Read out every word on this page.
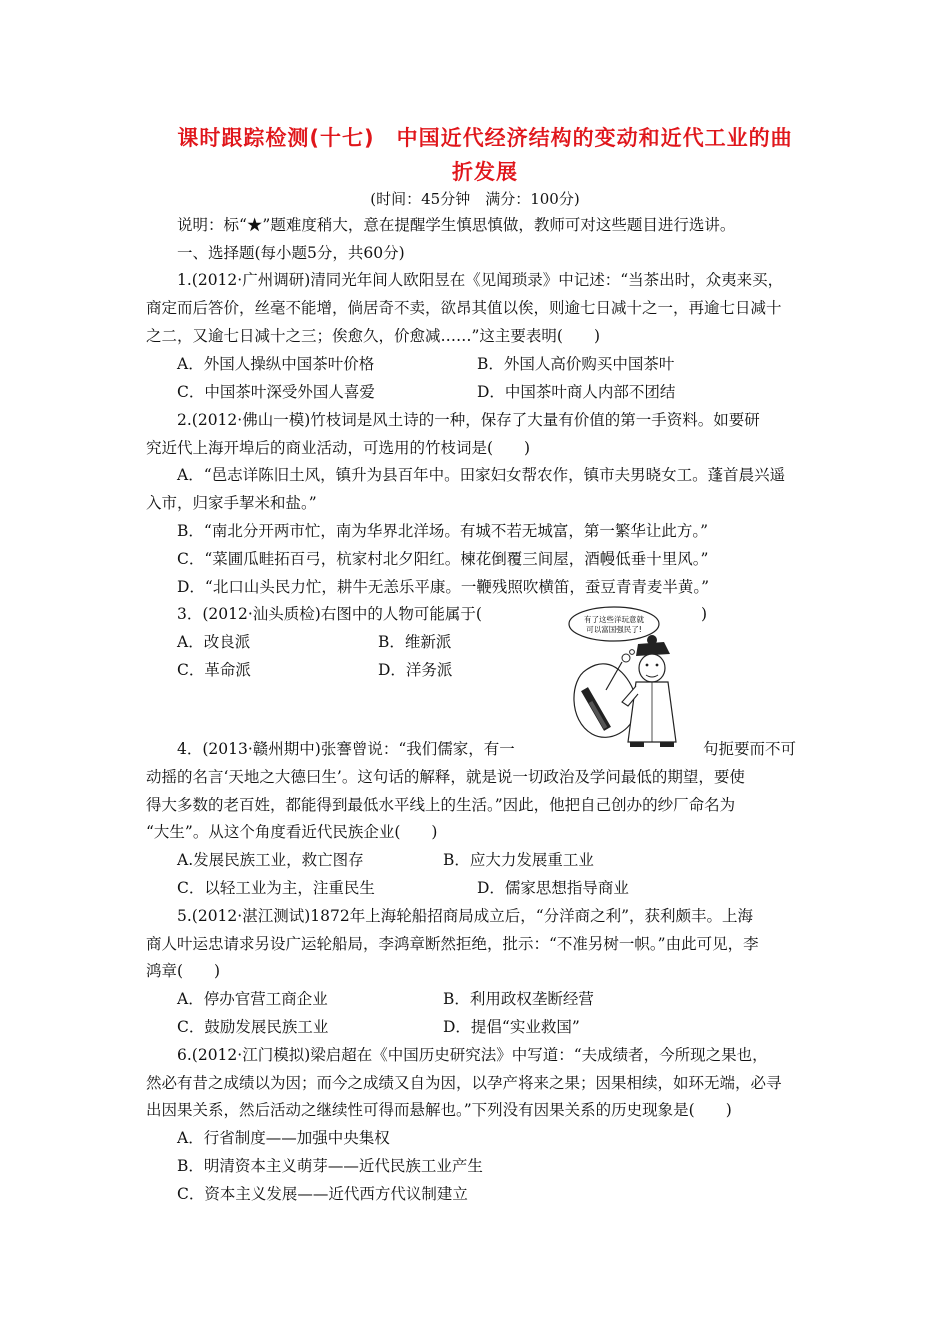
课时跟踪检测(十七)　中国近代经济结构的变动和近代工业的曲
折发展
(时间：45分钟　满分：100分)
说明：标“★”题难度稍大，意在提醒学生慎思慎做，教师可对这些题目进行选讲。
一、选择题(每小题5分，共60分)
1.(2012·广州调研)清同光年间人欧阳昱在《见闻琐录》中记述：“当茶出时，众夷来买，
商定而后答价，丝毫不能增，倘居奇不卖，欲昂其值以俟，则逾七日减十之一，再逾七日减十
之二，又逾七日减十之三；俟愈久，价愈减……”这主要表明(　　)
A．外国人操纵中国茶叶价格	B．外国人高价购买中国茶叶
C．中国茶叶深受外国人喜爱	D．中国茶叶商人内部不团结
2.(2012·佛山一模)竹枝词是风土诗的一种，保存了大量有价值的第一手资料。如要研
究近代上海开埠后的商业活动，可选用的竹枝词是(　　)
A．“邑志详陈旧土风，镇升为县百年中。田家妇女帮农作，镇市夫男晓女工。蓬首晨兴遥
入市，归家手挈米和盐。”
B．“南北分开两市忙，南为华界北洋场。有城不若无城富，第一繁华让此方。”
C．“菜圃瓜畦拓百弓，杭家村北夕阳红。楝花倒覆三间屋，酒幔低垂十里风。”
D．“北口山头民力忙，耕牛无恙乐平康。一鞭残照吹横笛，蚕豆青青麦半黄。”
3．(2012·汕头质检)右图中的人物可能属于(	)
A．改良派	B．维新派
C．革命派	D．洋务派
有了这些洋玩意就
可以富国强民了!
4．(2013·赣州期中)张謇曾说：“我们儒家，有一	句扼要而不可
动摇的名言‘天地之大德曰生’。这句话的解释，就是说一切政治及学问最低的期望，要使
得大多数的老百姓，都能得到最低水平线上的生活。”因此，他把自己创办的纱厂命名为
“大生”。从这个角度看近代民族企业(　　)
A.发展民族工业，救亡图存	B．应大力发展重工业
C．以轻工业为主，注重民生	D．儒家思想指导商业
5.(2012·湛江测试)1872年上海轮船招商局成立后，“分洋商之利”，获利颇丰。上海
商人叶运忠请求另设广运轮船局，李鸿章断然拒绝，批示：“不准另树一帜。”由此可见，李
鸿章(　　)
A．停办官营工商企业	B．利用政权垄断经营
C．鼓励发展民族工业	D．提倡“实业救国”
6.(2012·江门模拟)梁启超在《中国历史研究法》中写道：“夫成绩者，今所现之果也，
然必有昔之成绩以为因；而今之成绩又自为因，以孕产将来之果；因果相续，如环无端，必寻
出因果关系，然后活动之继续性可得而悬解也。”下列没有因果关系的历史现象是(　　)
A．行省制度——加强中央集权
B．明清资本主义萌芽——近代民族工业产生
C．资本主义发展——近代西方代议制建立
